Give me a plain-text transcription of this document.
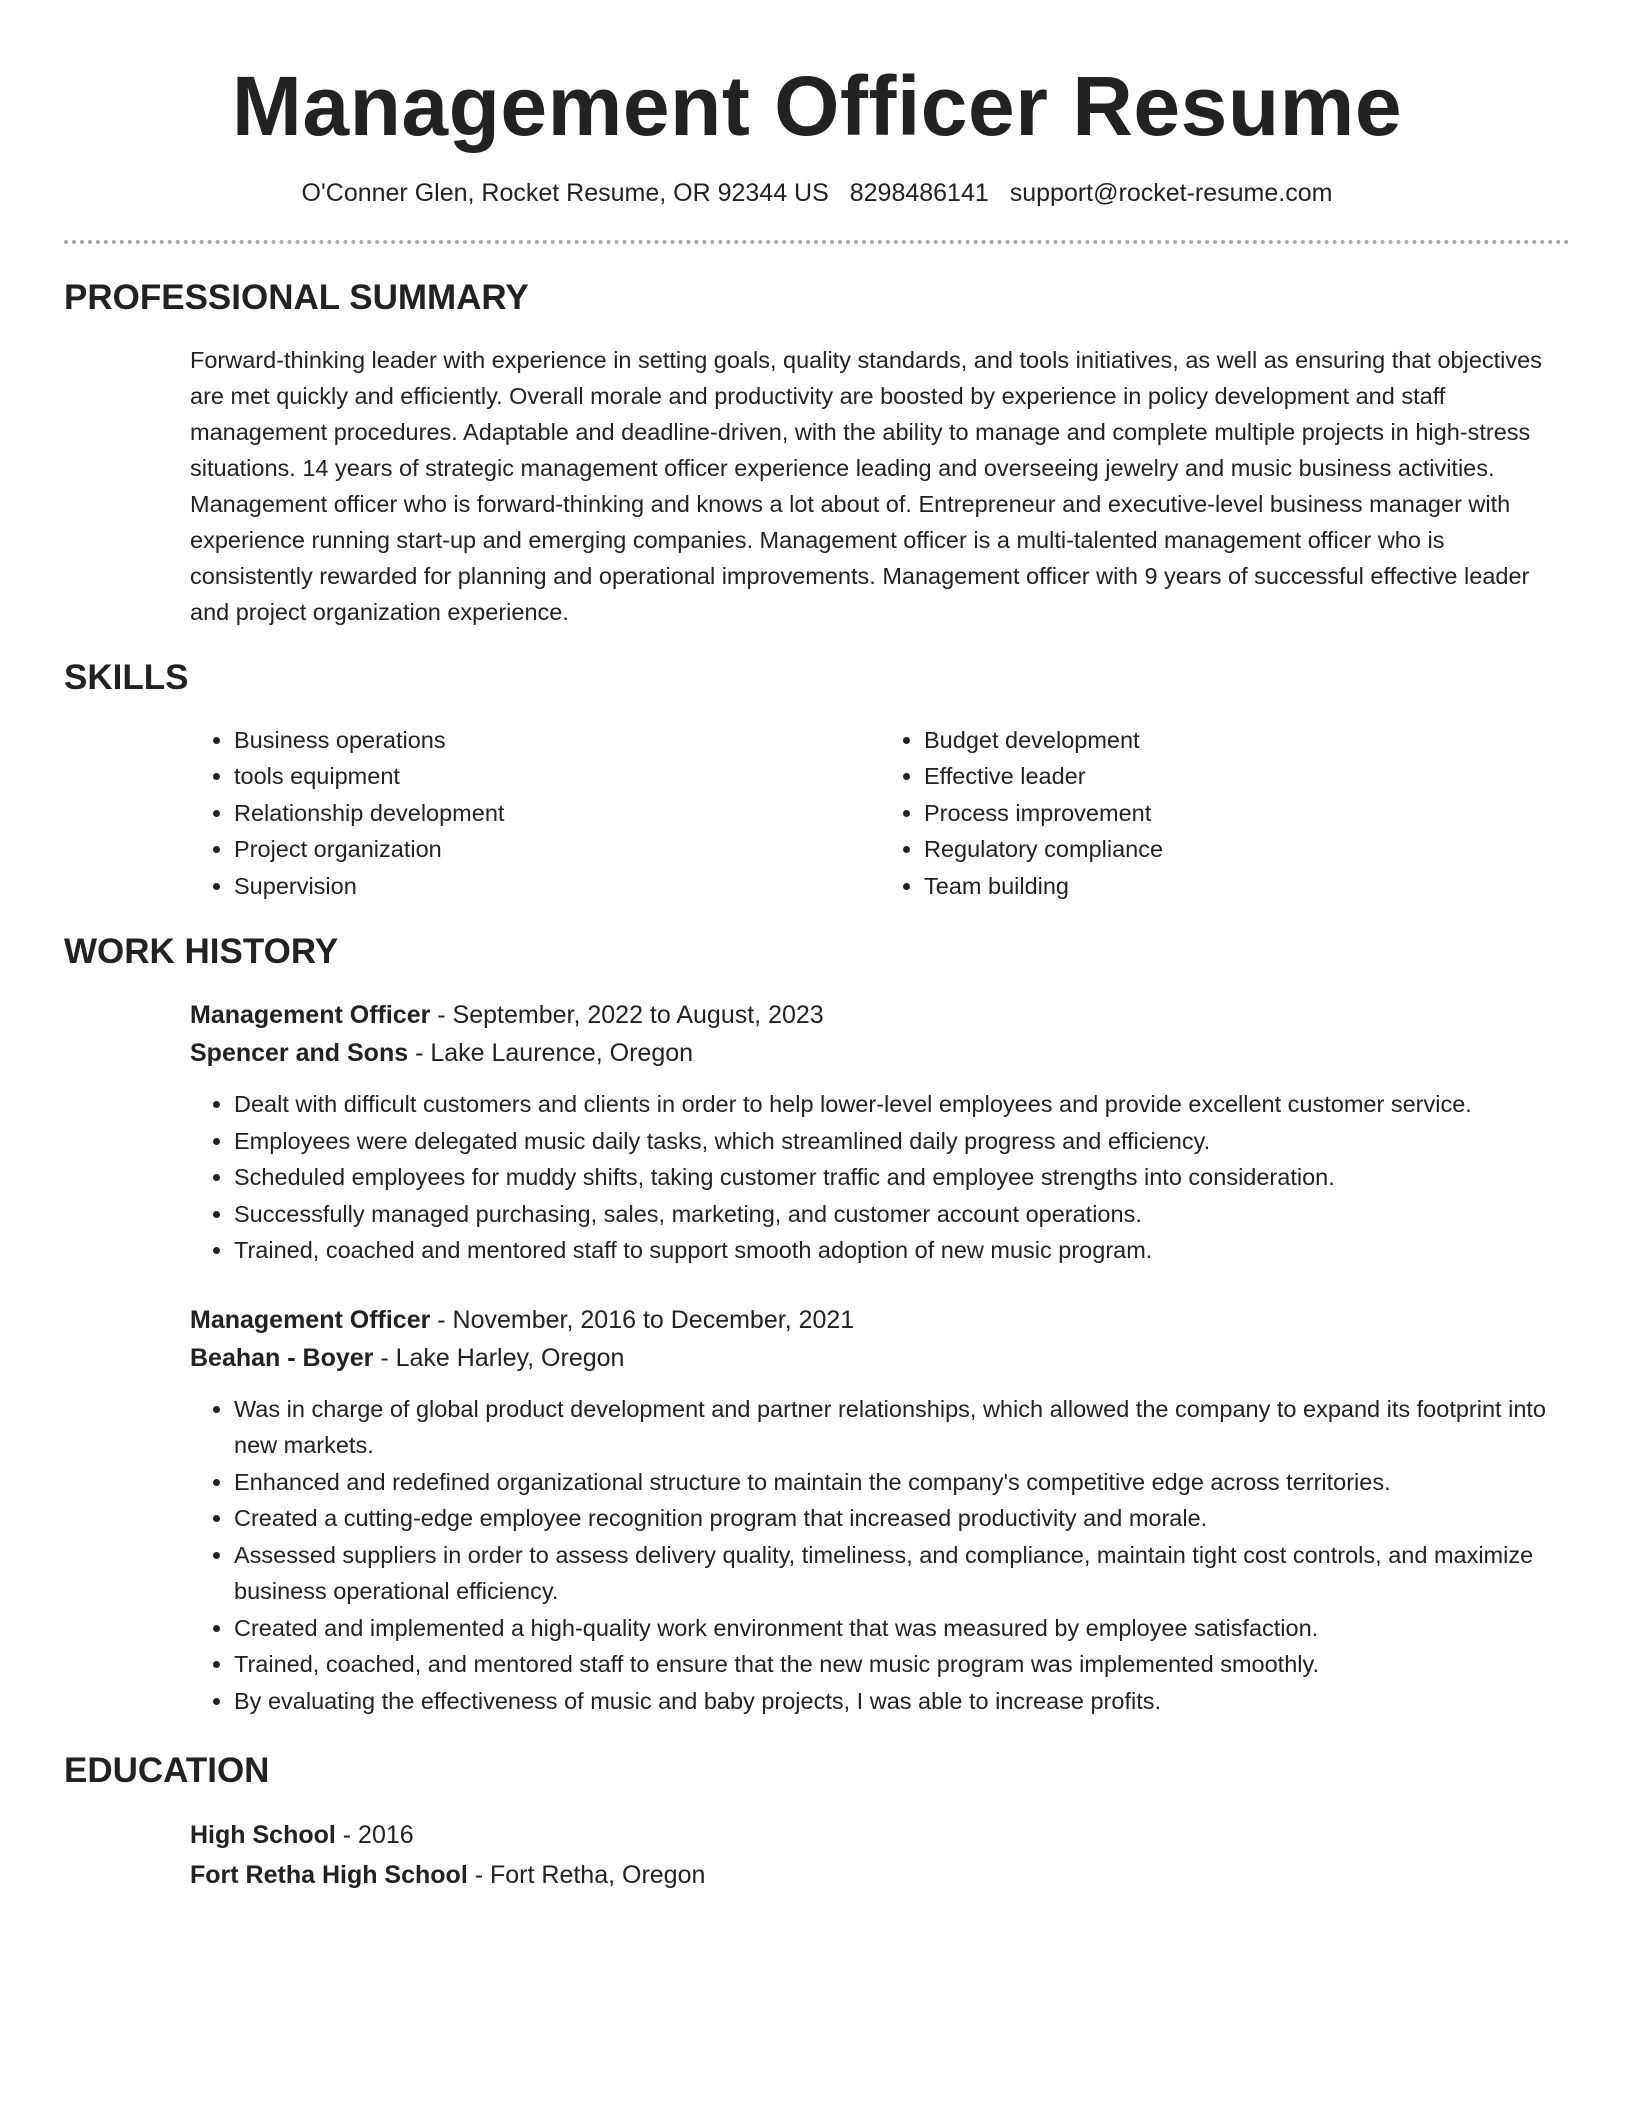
Management Officer Resume
O'Conner Glen, Rocket Resume, OR 92344 US 8298486141 support@rocket-resume.com
PROFESSIONAL SUMMARY

Forward-thinking leader with experience in setting goals, quality standards, and tools initiatives, as well as ensuring that objectives are met quickly and efficiently. Overall morale and productivity are boosted by experience in policy development and staff management procedures. Adaptable and deadline-driven, with the ability to manage and complete multiple projects in high-stress situations. 14 years of strategic management officer experience leading and overseeing jewelry and music business activities. Management officer who is forward-thinking and knows a lot about of. Entrepreneur and executive-level business manager with experience running start-up and emerging companies. Management officer is a multi-talented management officer who is consistently rewarded for planning and operational improvements. Management officer with 9 years of successful effective leader and project organization experience.

SKILLS
• Business operations
• tools equipment
• Relationship development
• Project organization
• Supervision
• Budget development
• Effective leader
• Process improvement
• Regulatory compliance
• Team building
WORK HISTORY
Management Officer - September, 2022 to August, 2023
Spencer and Sons - Lake Laurence, Oregon
• Dealt with difficult customers and clients in order to help lower-level employees and provide excellent customer service.
• Employees were delegated music daily tasks, which streamlined daily progress and efficiency.
• Scheduled employees for muddy shifts, taking customer traffic and employee strengths into consideration.
• Successfully managed purchasing, sales, marketing, and customer account operations.
• Trained, coached and mentored staff to support smooth adoption of new music program.
Management Officer - November, 2016 to December, 2021
Beahan - Boyer - Lake Harley, Oregon
• Was in charge of global product development and partner relationships, which allowed the company to expand its footprint into new markets.
• Enhanced and redefined organizational structure to maintain the company's competitive edge across territories.
• Created a cutting-edge employee recognition program that increased productivity and morale.
• Assessed suppliers in order to assess delivery quality, timeliness, and compliance, maintain tight cost controls, and maximize business operational efficiency.
• Created and implemented a high-quality work environment that was measured by employee satisfaction.
• Trained, coached, and mentored staff to ensure that the new music program was implemented smoothly.
• By evaluating the effectiveness of music and baby projects, I was able to increase profits.
EDUCATION
High School - 2016
Fort Retha High School - Fort Retha, Oregon
